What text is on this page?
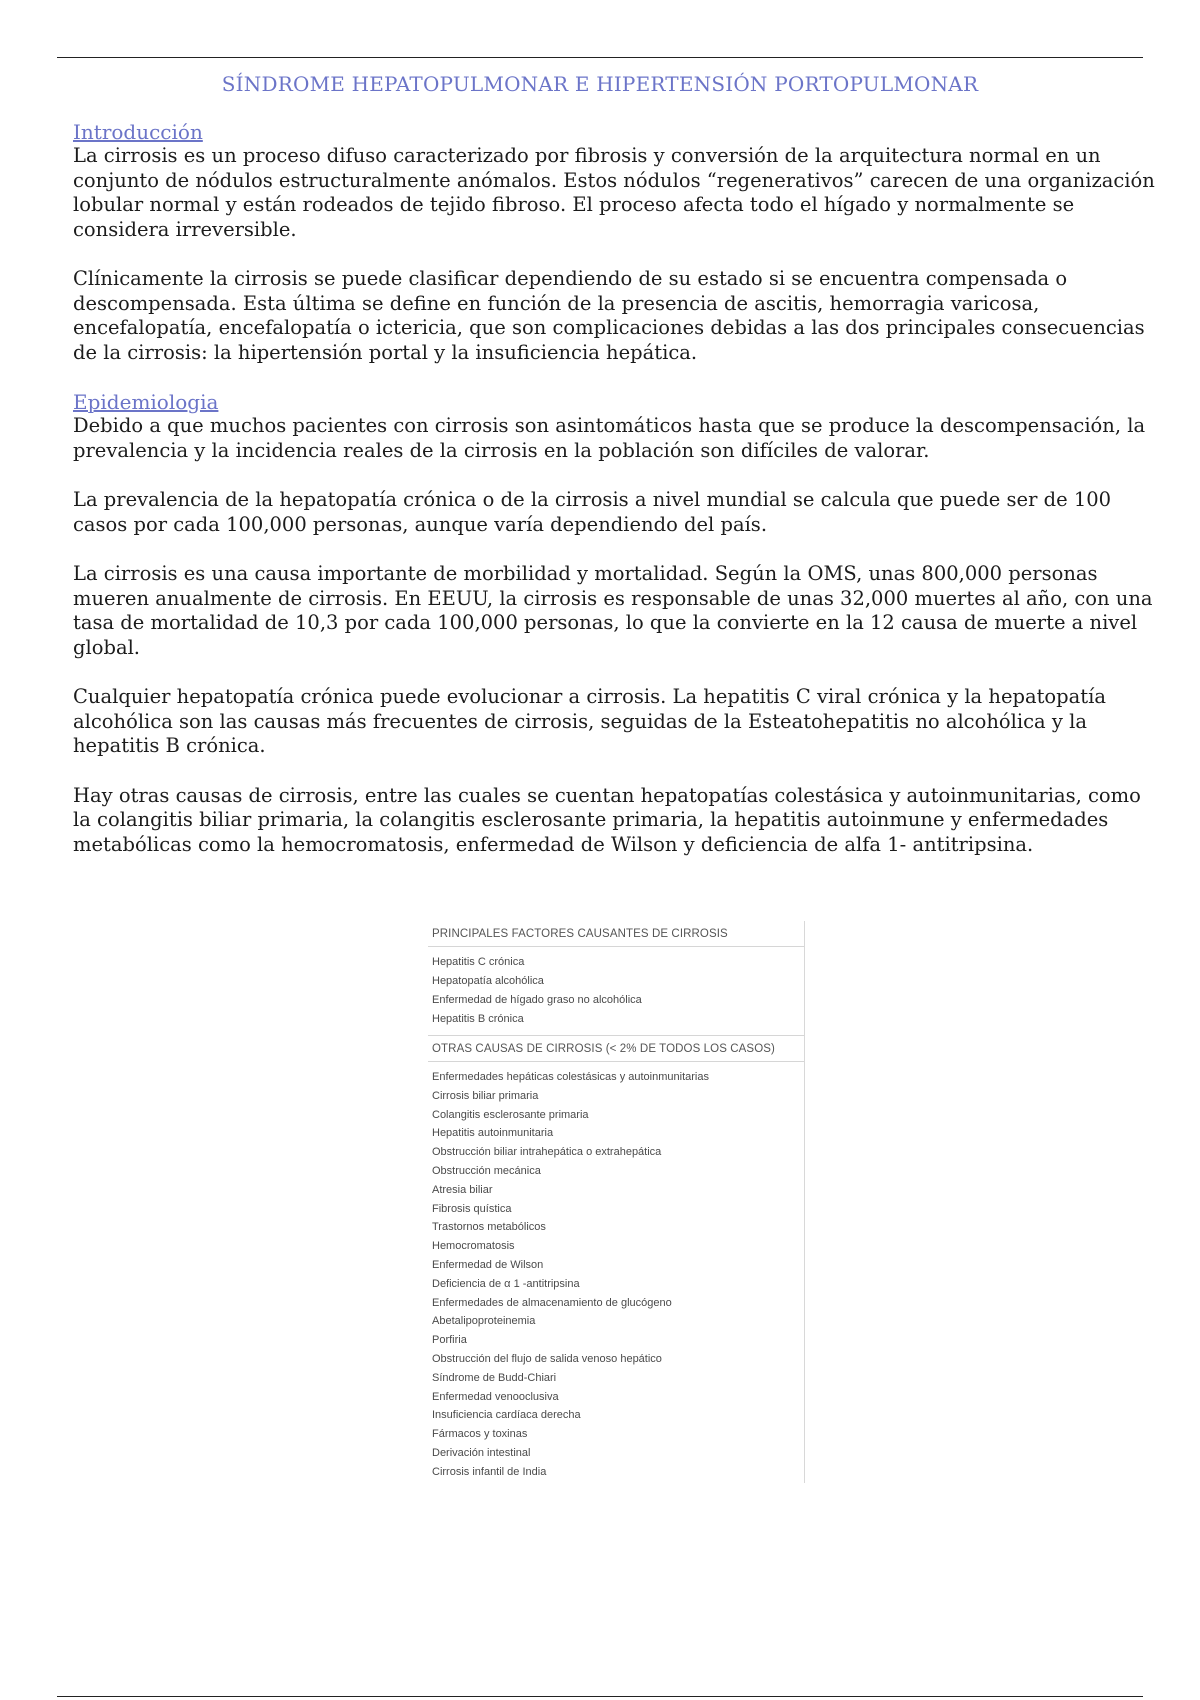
SÍNDROME HEPATOPULMONAR E HIPERTENSIÓN PORTOPULMONAR

Introducción

La cirrosis es un proceso difuso caracterizado por fibrosis y conversión de la arquitectura normal en un conjunto de nódulos estructuralmente anómalos. Estos nódulos “regenerativos” carecen de una organización lobular normal y están rodeados de tejido fibroso. El proceso afecta todo el hígado y normalmente se considera irreversible.

Clínicamente la cirrosis se puede clasificar dependiendo de su estado si se encuentra compensada o descompensada. Esta última se define en función de la presencia de ascitis, hemorragia varicosa, encefalopatía, encefalopatía o ictericia, que son complicaciones debidas a las dos principales consecuencias de la cirrosis: la hipertensión portal y la insuficiencia hepática.

Epidemiologia

Debido a que muchos pacientes con cirrosis son asintomáticos hasta que se produce la descompensación, la prevalencia y la incidencia reales de la cirrosis en la población son difíciles de valorar.

La prevalencia de la hepatopatía crónica o de la cirrosis a nivel mundial se calcula que puede ser de 100 casos por cada 100,000 personas, aunque varía dependiendo del país.

La cirrosis es una causa importante de morbilidad y mortalidad. Según la OMS, unas 800,000 personas mueren anualmente de cirrosis. En EEUU, la cirrosis es responsable de unas 32,000 muertes al año, con una tasa de mortalidad de 10,3 por cada 100,000 personas, lo que la convierte en la 12 causa de muerte a nivel global.

Cualquier hepatopatía crónica puede evolucionar a cirrosis. La hepatitis C viral crónica y la hepatopatía alcohólica son las causas más frecuentes de cirrosis, seguidas de la Esteatohepatitis no alcohólica y la hepatitis B crónica.

Hay otras causas de cirrosis, entre las cuales se cuentan hepatopatías colestásica y autoinmunitarias, como la colangitis biliar primaria, la colangitis esclerosante primaria, la hepatitis autoinmune y enfermedades metabólicas como la hemocromatosis, enfermedad de Wilson y deficiencia de alfa 1- antitripsina.

PRINCIPALES FACTORES CAUSANTES DE CIRROSIS
Hepatitis C crónica
Hepatopatía alcohólica
Enfermedad de hígado graso no alcohólica
Hepatitis B crónica
OTRAS CAUSAS DE CIRROSIS (< 2% DE TODOS LOS CASOS)
Enfermedades hepáticas colestásicas y autoinmunitarias
Cirrosis biliar primaria
Colangitis esclerosante primaria
Hepatitis autoinmunitaria
Obstrucción biliar intrahepática o extrahepática
Obstrucción mecánica
Atresia biliar
Fibrosis quística
Trastornos metabólicos
Hemocromatosis
Enfermedad de Wilson
Deficiencia de α 1 -antitripsina
Enfermedades de almacenamiento de glucógeno
Abetalipoproteinemia
Porfiria
Obstrucción del flujo de salida venoso hepático
Síndrome de Budd-Chiari
Enfermedad venooclusiva
Insuficiencia cardíaca derecha
Fármacos y toxinas
Derivación intestinal
Cirrosis infantil de India
